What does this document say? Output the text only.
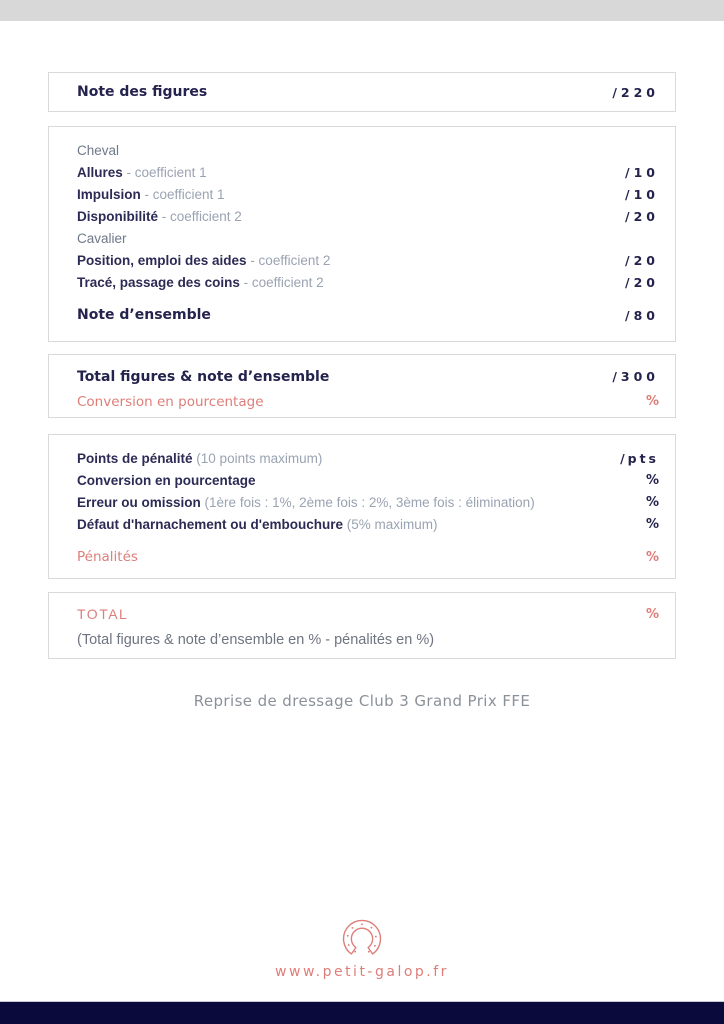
Note des figures	/220
Cheval
Allures - coefficient 1	/10
Impulsion - coefficient 1	/10
Disponibilité - coefficient 2	/20
Cavalier
Position, emploi des aides - coefficient 2	/20
Tracé, passage des coins - coefficient 2	/20
Note d’ensemble	/80
Total figures & note d’ensemble	/300
Conversion en pourcentage	%
Points de pénalité (10 points maximum)	/pts
Conversion en pourcentage	%
Erreur ou omission (1ère fois : 1%, 2ème fois : 2%, 3ème fois : élimination)	%
Défaut d'harnachement ou d'embouchure (5% maximum)	%
Pénalités	%
TOTAL	%
(Total figures & note d’ensemble en % - pénalités en %)
Reprise de dressage Club 3 Grand Prix FFE
www.petit-galop.fr
